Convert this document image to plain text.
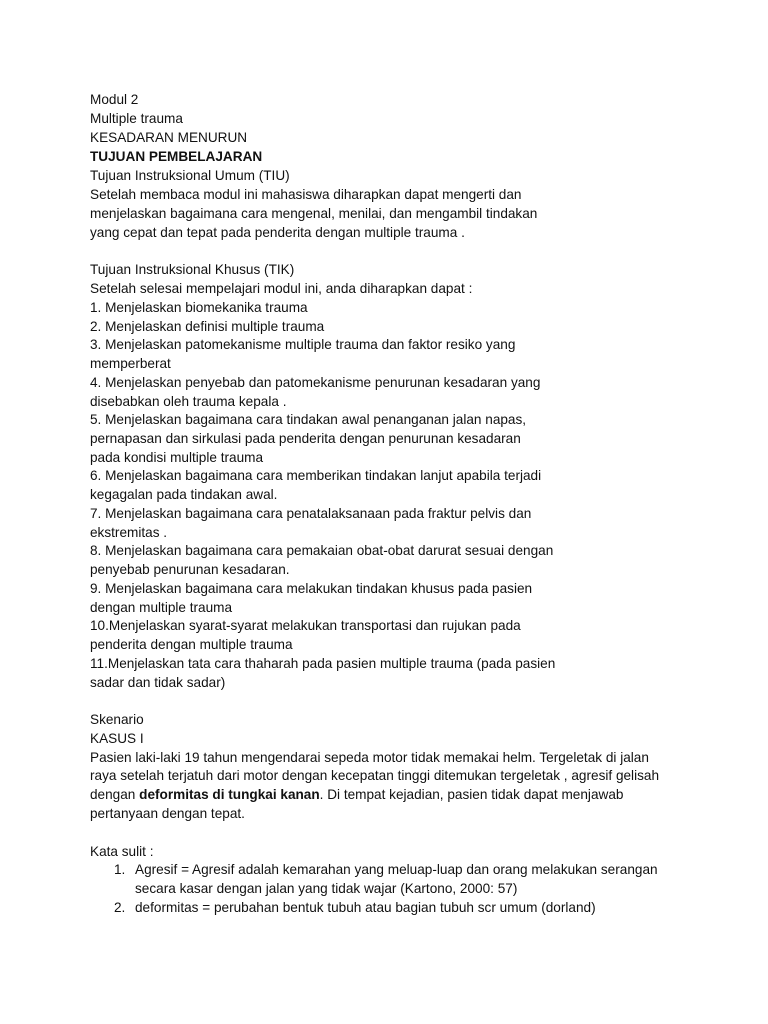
Modul 2
Multiple trauma
KESADARAN MENURUN
TUJUAN PEMBELAJARAN
Tujuan Instruksional Umum (TIU)
Setelah membaca modul ini mahasiswa diharapkan dapat mengerti dan
menjelaskan bagaimana cara mengenal, menilai, dan mengambil tindakan
yang cepat dan tepat pada penderita dengan multiple trauma .
Tujuan Instruksional Khusus (TIK)
Setelah selesai mempelajari modul ini, anda diharapkan dapat :
1. Menjelaskan biomekanika trauma
2. Menjelaskan definisi multiple trauma
3. Menjelaskan patomekanisme multiple trauma dan faktor resiko yang
memperberat
4. Menjelaskan penyebab dan patomekanisme penurunan kesadaran yang
disebabkan oleh trauma kepala .
5. Menjelaskan bagaimana cara tindakan awal penanganan jalan napas,
pernapasan dan sirkulasi pada penderita dengan penurunan kesadaran
pada kondisi multiple trauma
6. Menjelaskan bagaimana cara memberikan tindakan lanjut apabila terjadi
kegagalan pada tindakan awal.
7. Menjelaskan bagaimana cara penatalaksanaan pada fraktur pelvis dan
ekstremitas .
8. Menjelaskan bagaimana cara pemakaian obat-obat darurat sesuai dengan
penyebab penurunan kesadaran.
9. Menjelaskan bagaimana cara melakukan tindakan khusus pada pasien
dengan multiple trauma
10.Menjelaskan syarat-syarat melakukan transportasi dan rujukan pada
penderita dengan multiple trauma
11.Menjelaskan tata cara thaharah pada pasien multiple trauma (pada pasien
sadar dan tidak sadar)
Skenario
KASUS I
Pasien laki-laki 19 tahun mengendarai sepeda motor tidak memakai helm. Tergeletak di jalan
raya setelah terjatuh dari motor dengan kecepatan tinggi ditemukan tergeletak , agresif gelisah
dengan deformitas di tungkai kanan. Di tempat kejadian, pasien tidak dapat menjawab
pertanyaan dengan tepat.
Kata sulit :
1. Agresif = Agresif adalah kemarahan yang meluap-luap dan orang melakukan serangan
secara kasar dengan jalan yang tidak wajar (Kartono, 2000: 57)
2. deformitas = perubahan bentuk tubuh atau bagian tubuh scr umum (dorland)
